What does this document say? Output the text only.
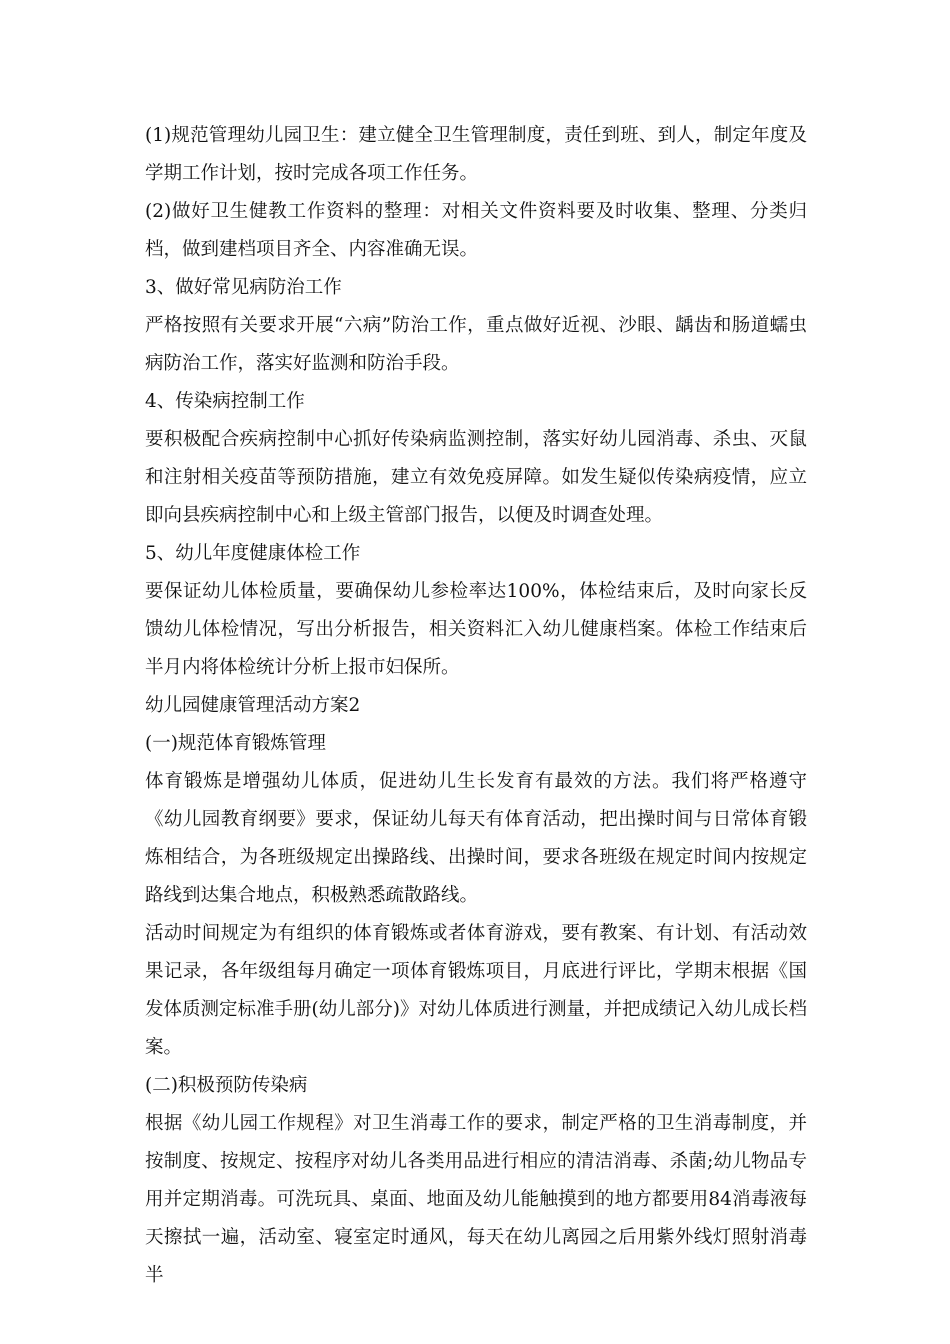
(1)规范管理幼儿园卫生：建立健全卫生管理制度，责任到班、到人，制定年度及学期工作计划，按时完成各项工作任务。

(2)做好卫生健教工作资料的整理：对相关文件资料要及时收集、整理、分类归档，做到建档项目齐全、内容准确无误。

3、做好常见病防治工作

严格按照有关要求开展“六病”防治工作，重点做好近视、沙眼、龋齿和肠道蠕虫病防治工作，落实好监测和防治手段。

4、传染病控制工作

要积极配合疾病控制中心抓好传染病监测控制，落实好幼儿园消毒、杀虫、灭鼠和注射相关疫苗等预防措施，建立有效免疫屏障。如发生疑似传染病疫情，应立即向县疾病控制中心和上级主管部门报告，以便及时调查处理。

5、幼儿年度健康体检工作

要保证幼儿体检质量，要确保幼儿参检率达100%，体检结束后，及时向家长反馈幼儿体检情况，写出分析报告，相关资料汇入幼儿健康档案。体检工作结束后半月内将体检统计分析上报市妇保所。

幼儿园健康管理活动方案2

(一)规范体育锻炼管理

体育锻炼是增强幼儿体质，促进幼儿生长发育有最效的方法。我们将严格遵守《幼儿园教育纲要》要求，保证幼儿每天有体育活动，把出操时间与日常体育锻炼相结合，为各班级规定出操路线、出操时间，要求各班级在规定时间内按规定路线到达集合地点，积极熟悉疏散路线。

活动时间规定为有组织的体育锻炼或者体育游戏，要有教案、有计划、有活动效果记录，各年级组每月确定一项体育锻炼项目，月底进行评比，学期末根据《国发体质测定标准手册(幼儿部分)》对幼儿体质进行测量，并把成绩记入幼儿成长档案。

(二)积极预防传染病

根据《幼儿园工作规程》对卫生消毒工作的要求，制定严格的卫生消毒制度，并按制度、按规定、按程序对幼儿各类用品进行相应的清洁消毒、杀菌;幼儿物品专用并定期消毒。可洗玩具、桌面、地面及幼儿能触摸到的地方都要用84消毒液每天擦拭一遍，活动室、寝室定时通风，每天在幼儿离园之后用紫外线灯照射消毒半
